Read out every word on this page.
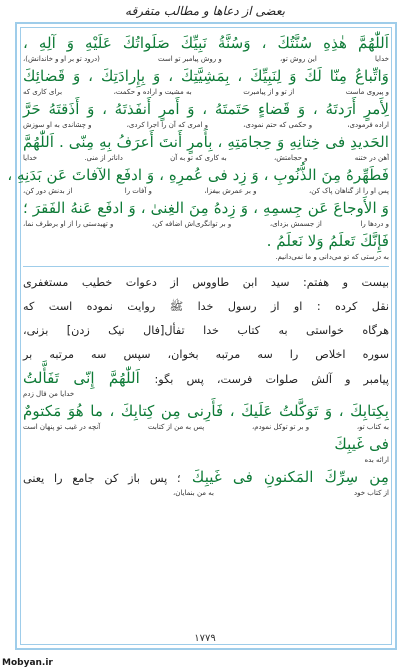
بعضی از دعاها و مطالب متفرقه
اَللّٰهُمَّ هٰذِهِ سُنَّتُكَ ، وَسُنَّةُ نَبِيِّكَ صَلَواتُكَ عَلَيْهِ وَ آلِهِ ،
خدایا این روش تو، و روش پیامبر تو است (درود تو بر او و خاندانش)،
وَاتِّباعُ مِنّا لَكَ وَ لِنَبِيِّكَ ، بِمَشِيَّتِكَ ، وَ بِإِرادَتِكَ ، وَ قَضائِكَ
و پیروی ماست از تو و از پیامبرت به مشیت و اراده و حکمت، برای کاری که
لِأَمرٍ أَرَدتَهُ ، وَ قَضاءٍ حَتَمتَهُ ، وَ أَمرٍ أَنفَذتَهُ ، وَ أَذَقتَهُ حَرَّ
اراده فرمودی، و حکمی که حتم نمودی، و امری که آن را اجرا کردی، و چشاندی به او سوزش
الحَديدِ فى خِتانِهِ وَ حِجامَتِهِ ، بِأَمرٍ أَنتَ أَعرَفُ بِهِ مِنّى . اَللّٰهُمَّ
آهن در ختنه و حجامتش، به کاری که تو به آن داناتر از منی. خدایا
فَطَهِّرهُ مِنَ الذُّنُوبِ ، وَ زِد فى عُمرِهِ ، وَ ادفَع الآفاتَ عَن بَدَنِهِ ،
پس او را از گناهان پاک کن، و بر عمرش بیفزا، و آفات را از بدنش دور کن،
وَ الأَوجاعَ عَن جِسمِهِ ، وَ زِدهُ مِنَ الغِنىٰ ، وَ ادفَع عَنهُ الفَقرَ ؛
و دردها را از جسمش بزدای، و بر توانگری‌اش اضافه کن، و تهیدستی را از او برطرف نما،
فَإِنَّكَ تَعلَمُ وَلا نَعلَمُ .
به درستی که تو می‌دانی و ما نمی‌دانیم.
بیست و هفتم: سید ابن طاووس از دعوات خطیب مستغفری
نقل کرده : او از رسول خدا ﷺ روایت نموده است که
هرگاه خواستی به کتاب خدا تفأل[فال نیک زدن] بزنی،
سوره اخلاص را سه مرتبه بخوان، سپس سه مرتبه بر
پیامبر و آلش صلوات فرست، پس بگو: اَللّٰهُمَّ إِنّى تَفَأَّلتُ
خدایا من فال زدم
بِكِتابِكَ ، وَ تَوَكَّلتُ عَلَيكَ ، فَأَرِنى مِن كِتابِكَ ، ما هُوَ مَكتومٌ
به کتاب تو، و بر تو توکل نمودم، پس به من از کتابت آنچه در غیب تو پنهان است
فى غَيبِكَ
ارائه بده
مِن سِرِّكَ المَكنونِ فى غَيبِكَ ؛ پس باز کن جامع را یعنی
از کتاب خود به من بنمایان،
۱۷۷۹
Mobyan.ir
